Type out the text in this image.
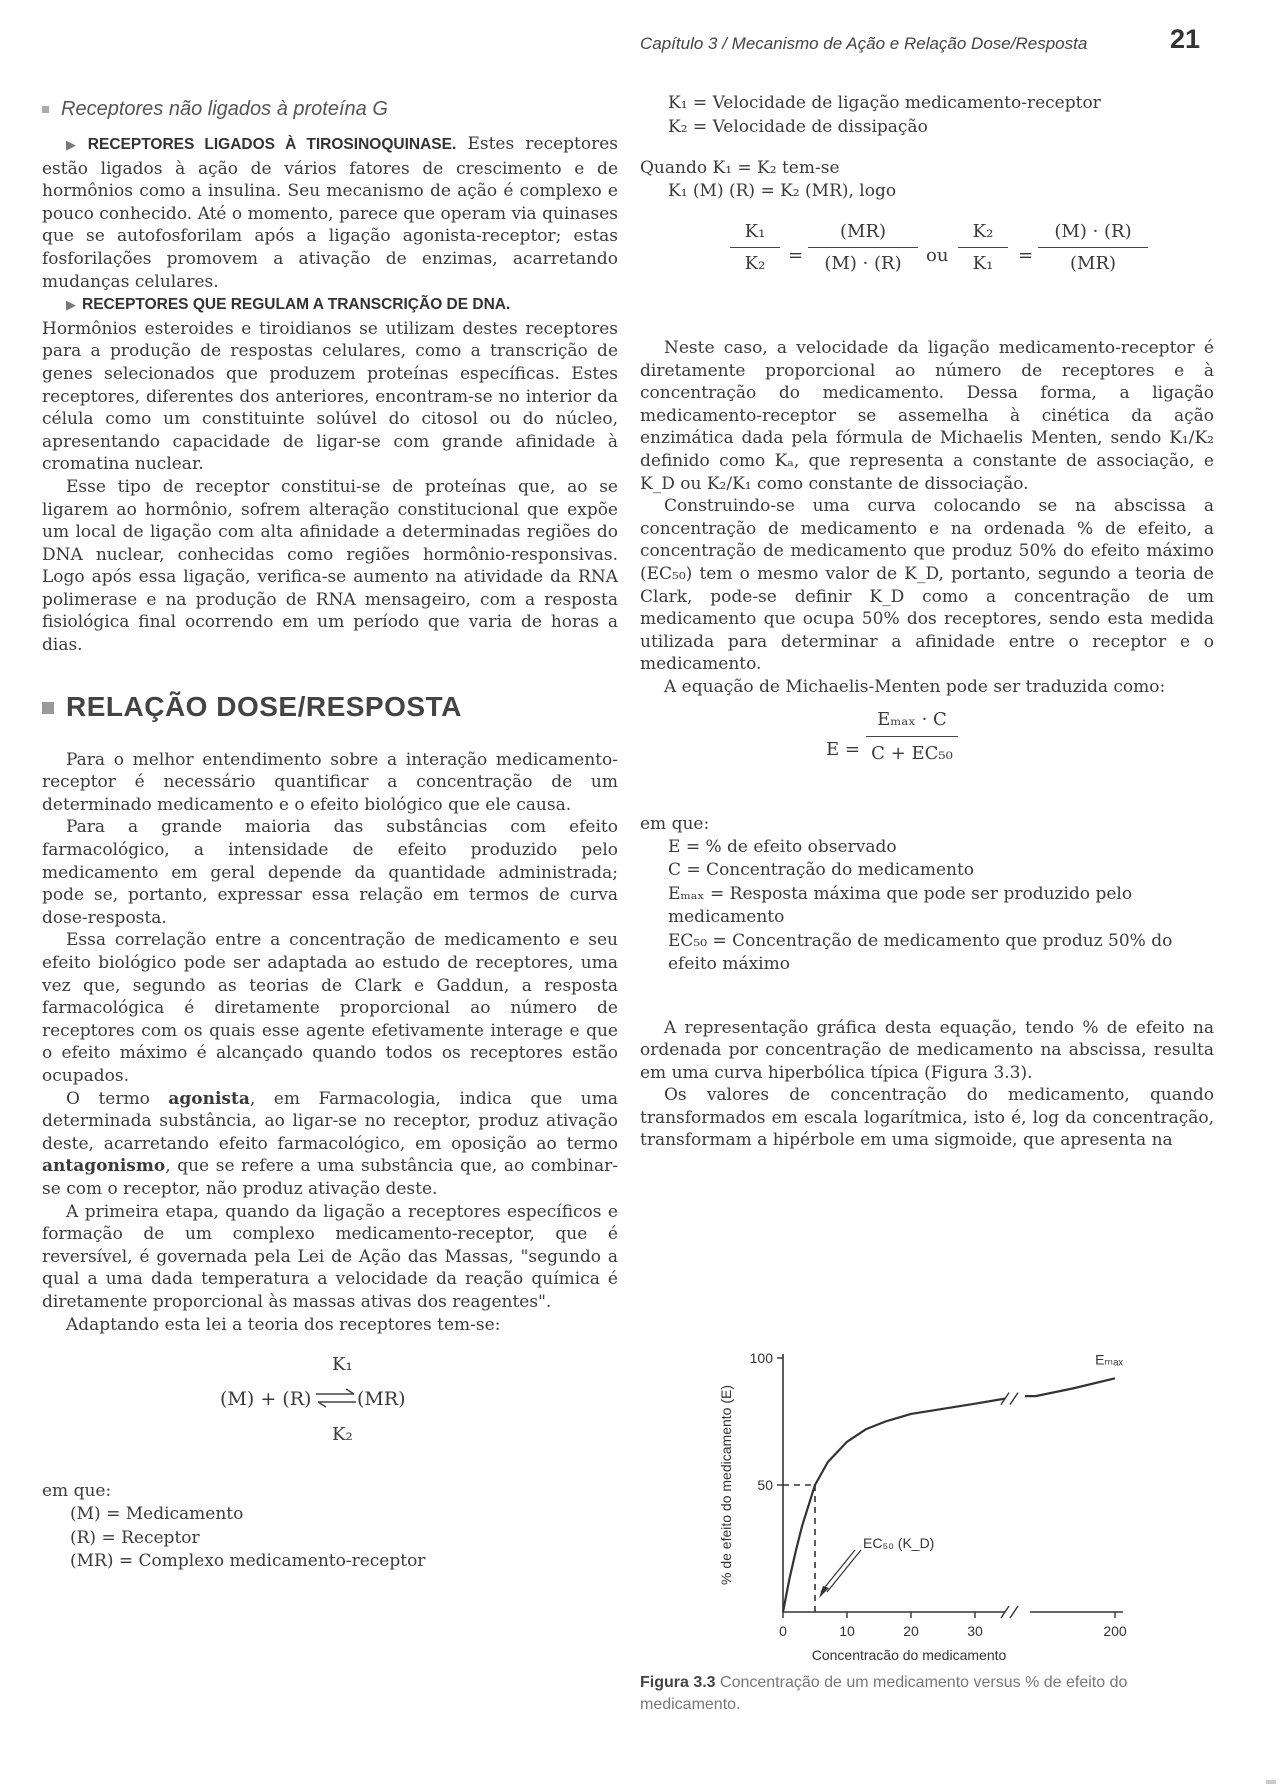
Capítulo 3 / Mecanismo de Ação e Relação Dose/Resposta	21
Receptores não ligados à proteína G

▶ RECEPTORES LIGADOS À TIROSINOQUINASE. Estes receptores estão ligados à ação de vários fatores de crescimento e de hormônios como a insulina. Seu mecanismo de ação é complexo e pouco conhecido. Até o momento, parece que operam via quinases que se autofosforilam após a ligação agonista-receptor; estas fosforilações promovem a ativação de enzimas, acarretando mudanças celulares.

▶ RECEPTORES QUE REGULAM A TRANSCRIÇÃO DE DNA.

Hormônios esteroides e tiroidianos se utilizam destes receptores para a produção de respostas celulares, como a transcrição de genes selecionados que produzem proteínas específicas. Estes receptores, diferentes dos anteriores, encontram-se no interior da célula como um constituinte solúvel do citosol ou do núcleo, apresentando capacidade de ligar-se com grande afinidade à cromatina nuclear.

Esse tipo de receptor constitui-se de proteínas que, ao se ligarem ao hormônio, sofrem alteração constitucional que expõe um local de ligação com alta afinidade a determinadas regiões do DNA nuclear, conhecidas como regiões hormônio-responsivas. Logo após essa ligação, verifica-se aumento na atividade da RNA polimerase e na produção de RNA mensageiro, com a resposta fisiológica final ocorrendo em um período que varia de horas a dias.

RELAÇÃO DOSE/RESPOSTA

Para o melhor entendimento sobre a interação medicamento-receptor é necessário quantificar a concentração de um determinado medicamento e o efeito biológico que ele causa.

Para a grande maioria das substâncias com efeito farmacológico, a intensidade de efeito produzido pelo medicamento em geral depende da quantidade administrada; pode se, portanto, expressar essa relação em termos de curva dose-resposta.

Essa correlação entre a concentração de medicamento e seu efeito biológico pode ser adaptada ao estudo de receptores, uma vez que, segundo as teorias de Clark e Gaddun, a resposta farmacológica é diretamente proporcional ao número de receptores com os quais esse agente efetivamente interage e que o efeito máximo é alcançado quando todos os receptores estão ocupados.

O termo agonista, em Farmacologia, indica que uma determinada substância, ao ligar-se no receptor, produz ativação deste, acarretando efeito farmacológico, em oposição ao termo antagonismo, que se refere a uma substância que, ao combinar-se com o receptor, não produz ativação deste.

A primeira etapa, quando da ligação a receptores específicos e formação de um complexo medicamento-receptor, que é reversível, é governada pela Lei de Ação das Massas, "segundo a qual a uma dada temperatura a velocidade da reação química é diretamente proporcional às massas ativas dos reagentes".

Adaptando esta lei a teoria dos receptores tem-se:

K₁
(M) + (R) ⇌ (MR)
K₂
em que:
(M) = Medicamento
(R) = Receptor
(MR) = Complexo medicamento-receptor
K₁ = Velocidade de ligação medicamento-receptor
K₂ = Velocidade de dissipação
Quando K₁ = K₂ tem-se
K₁ (M) (R) = K₂ (MR), logo
K₁
K₂	=
(MR)
(M) · (R)	ou
K₂
K₁	=
(M) · (R)
(MR)

Neste caso, a velocidade da ligação medicamento-receptor é diretamente proporcional ao número de receptores e à concentração do medicamento. Dessa forma, a ligação medicamento-receptor se assemelha à cinética da ação enzimática dada pela fórmula de Michaelis Menten, sendo K₁/K₂ definido como Kₐ, que representa a constante de associação, e K_D ou K₂/K₁ como constante de dissociação.

Construindo-se uma curva colocando se na abscissa a concentração de medicamento e na ordenada % de efeito, a concentração de medicamento que produz 50% do efeito máximo (EC₅₀) tem o mesmo valor de K_D, portanto, segundo a teoria de Clark, pode-se definir K_D como a concentração de um medicamento que ocupa 50% dos receptores, sendo esta medida utilizada para determinar a afinidade entre o receptor e o medicamento.

A equação de Michaelis-Menten pode ser traduzida como:

E =
Eₘₐₓ · C
C + EC₅₀
em que:
E = % de efeito observado
C = Concentração do medicamento
Eₘₐₓ = Resposta máxima que pode ser produzido pelo medicamento
EC₅₀ = Concentração de medicamento que produz 50% do efeito máximo

A representação gráfica desta equação, tendo % de efeito na ordenada por concentração de medicamento na abscissa, resulta em uma curva hiperbólica típica (Figura 3.3).

Os valores de concentração do medicamento, quando transformados em escala logarítmica, isto é, log da concentração, transformam a hipérbole em uma sigmoide, que apresenta na

50
100
0	10	20	30	200
Concentração do medicamento
% de efeito do medicamento (E)
Eₘₐₓ
EC₅₀ (K_D)
Figura 3.3 Concentração de um medicamento versus % de efeito do medicamento.
